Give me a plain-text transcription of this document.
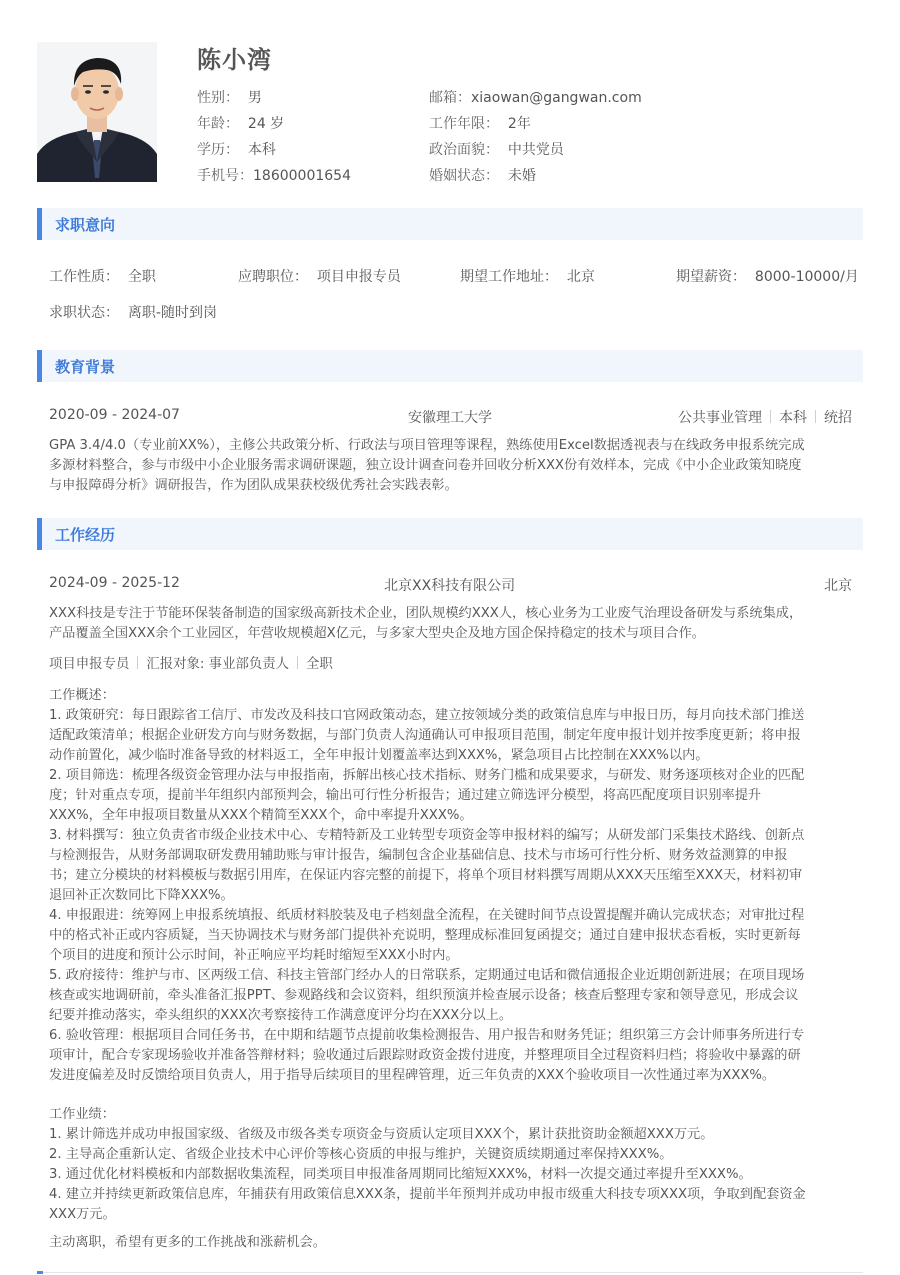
陈小湾
性别： 男	邮箱：xiaowan@gangwan.com
年龄： 24 岁	工作年限： 2年
学历： 本科	政治面貌： 中共党员
手机号：18600001654	婚姻状态： 未婚
求职意向
工作性质： 全职	应聘职位： 项目申报专员	期望工作地址： 北京	期望薪资： 8000-10000/月
求职状态： 离职-随时到岗
教育背景
2020-09 - 2024-07	安徽理工大学	公共事业管理 本科 统招
GPA 3.4/4.0（专业前XX%），主修公共政策分析、行政法与项目管理等课程，熟练使用Excel数据透视表与在线政务申报系统完成
多源材料整合，参与市级中小企业服务需求调研课题，独立设计调查问卷并回收分析XXX份有效样本，完成《中小企业政策知晓度
与申报障碍分析》调研报告，作为团队成果获校级优秀社会实践表彰。
工作经历
2024-09 - 2025-12	北京XX科技有限公司	北京
XXX科技是专注于节能环保装备制造的国家级高新技术企业，团队规模约XXX人，核心业务为工业废气治理设备研发与系统集成，
产品覆盖全国XXX余个工业园区，年营收规模超X亿元，与多家大型央企及地方国企保持稳定的技术与项目合作。
项目申报专员 汇报对象: 事业部负责人 全职
工作概述：
1. 政策研究：每日跟踪省工信厅、市发改及科技口官网政策动态，建立按领域分类的政策信息库与申报日历，每月向技术部门推送
适配政策清单；根据企业研发方向与财务数据，与部门负责人沟通确认可申报项目范围，制定年度申报计划并按季度更新；将申报
动作前置化，减少临时准备导致的材料返工，全年申报计划覆盖率达到XXX%，紧急项目占比控制在XXX%以内。
2. 项目筛选：梳理各级资金管理办法与申报指南，拆解出核心技术指标、财务门槛和成果要求，与研发、财务逐项核对企业的匹配
度；针对重点专项，提前半年组织内部预判会，输出可行性分析报告；通过建立筛选评分模型，将高匹配度项目识别率提升
XXX%，全年申报项目数量从XXX个精简至XXX个，命中率提升XXX%。
3. 材料撰写：独立负责省市级企业技术中心、专精特新及工业转型专项资金等申报材料的编写；从研发部门采集技术路线、创新点
与检测报告，从财务部调取研发费用辅助账与审计报告，编制包含企业基础信息、技术与市场可行性分析、财务效益测算的申报
书；建立分模块的材料模板与数据引用库，在保证内容完整的前提下，将单个项目材料撰写周期从XXX天压缩至XXX天，材料初审
退回补正次数同比下降XXX%。
4. 申报跟进：统筹网上申报系统填报、纸质材料胶装及电子档刻盘全流程，在关键时间节点设置提醒并确认完成状态；对审批过程
中的格式补正或内容质疑，当天协调技术与财务部门提供补充说明，整理成标准回复函提交；通过自建申报状态看板，实时更新每
个项目的进度和预计公示时间，补正响应平均耗时缩短至XXX小时内。
5. 政府接待：维护与市、区两级工信、科技主管部门经办人的日常联系，定期通过电话和微信通报企业近期创新进展；在项目现场
核查或实地调研前，牵头准备汇报PPT、参观路线和会议资料，组织预演并检查展示设备；核查后整理专家和领导意见，形成会议
纪要并推动落实，牵头组织的XXX次考察接待工作满意度评分均在XXX分以上。
6. 验收管理：根据项目合同任务书，在中期和结题节点提前收集检测报告、用户报告和财务凭证；组织第三方会计师事务所进行专
项审计，配合专家现场验收并准备答辩材料；验收通过后跟踪财政资金拨付进度，并整理项目全过程资料归档；将验收中暴露的研
发进度偏差及时反馈给项目负责人，用于指导后续项目的里程碑管理，近三年负责的XXX个验收项目一次性通过率为XXX%。
工作业绩：
1. 累计筛选并成功申报国家级、省级及市级各类专项资金与资质认定项目XXX个，累计获批资助金额超XXX万元。
2. 主导高企重新认定、省级企业技术中心评价等核心资质的申报与维护，关键资质续期通过率保持XXX%。
3. 通过优化材料模板和内部数据收集流程，同类项目申报准备周期同比缩短XXX%，材料一次提交通过率提升至XXX%。
4. 建立并持续更新政策信息库，年捕获有用政策信息XXX条，提前半年预判并成功申报市级重大科技专项XXX项，争取到配套资金
XXX万元。
主动离职，希望有更多的工作挑战和涨薪机会。
